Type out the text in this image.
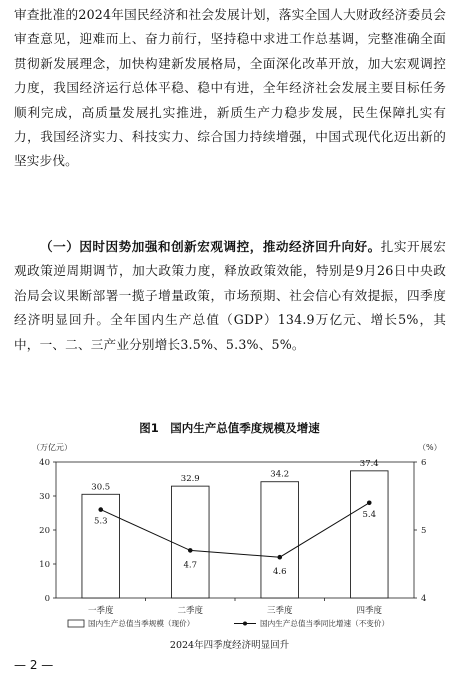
审查批准的2024年国民经济和社会发展计划，落实全国人大财政经济委员会审查意见，迎难而上、奋力前行，坚持稳中求进工作总基调，完整准确全面贯彻新发展理念，加快构建新发展格局，全面深化改革开放，加大宏观调控力度，我国经济运行总体平稳、稳中有进，全年经济社会发展主要目标任务顺利完成，高质量发展扎实推进，新质生产力稳步发展，民生保障扎实有力，我国经济实力、科技实力、综合国力持续增强，中国式现代化迈出新的坚实步伐。
（一）因时因势加强和创新宏观调控，推动经济回升向好。扎实开展宏观政策逆周期调节，加大政策力度，释放政策效能，特别是9月26日中央政治局会议果断部署一揽子增量政策，市场预期、社会信心有效提振，四季度经济明显回升。全年国内生产总值（GDP）134.9万亿元、增长5%，其中，一、二、三产业分别增长3.5%、5.3%、5%。
图1　国内生产总值季度规模及增速
（万亿元）	（%）
0
10
20
30
40
4
5
6
30.5
32.9	34.2
37.4
一季度	二季度	三季度	四季度
5.3
4.7
4.6
5.4
国内生产总值当季规模（现价）	国内生产总值当季同比增速（不变价）
2024年四季度经济明显回升
— 2 —
